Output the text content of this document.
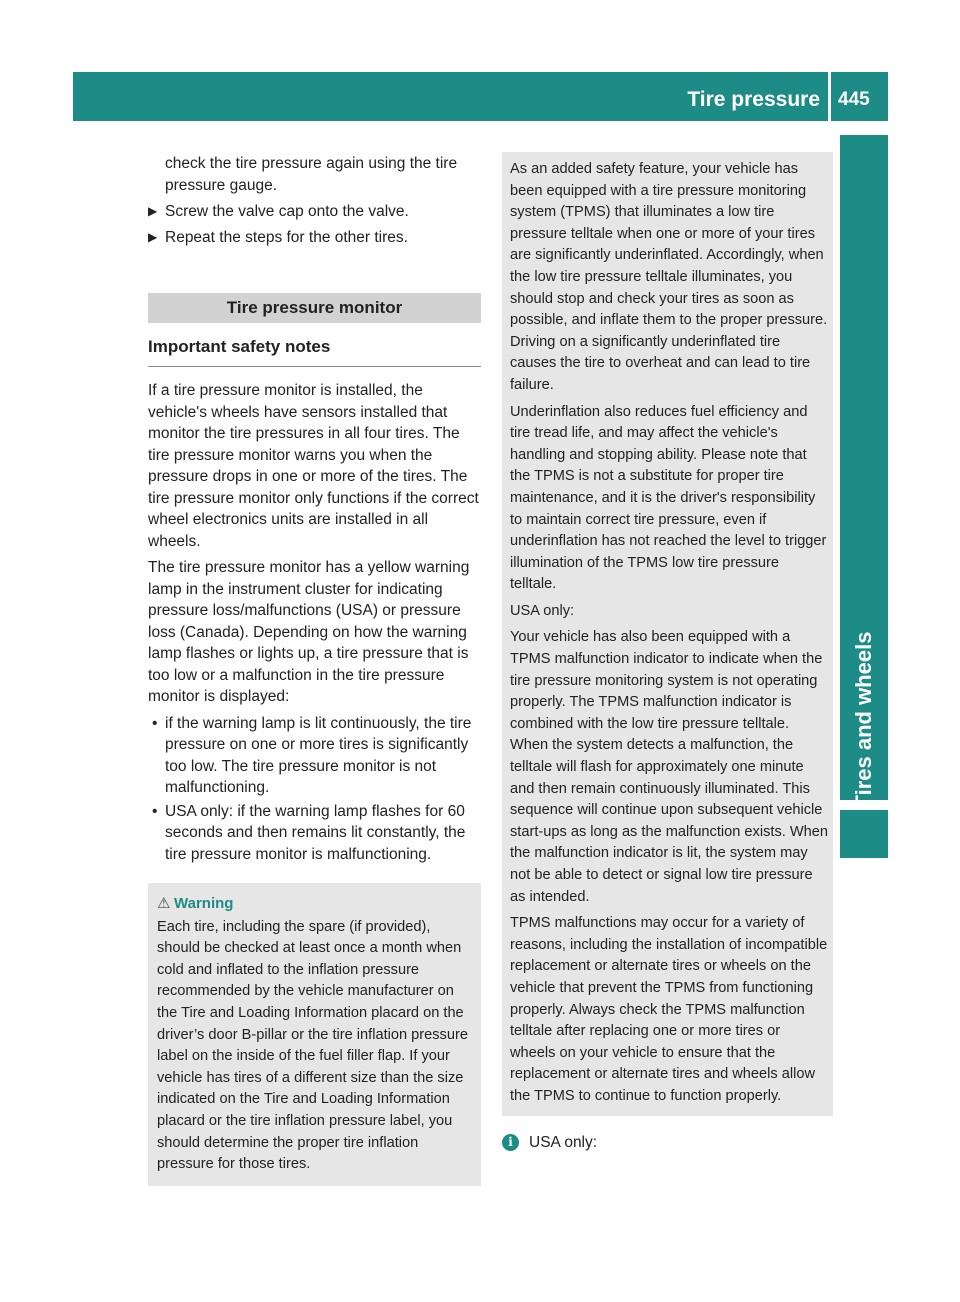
Tire pressure 445
Tires and wheels

check the tire pressure again using the tire pressure gauge.

▶ Screw the valve cap onto the valve.
▶ Repeat the steps for the other tires.
Tire pressure monitor
Important safety notes

If a tire pressure monitor is installed, the vehicle's wheels have sensors installed that monitor the tire pressures in all four tires. The tire pressure monitor warns you when the pressure drops in one or more of the tires. The tire pressure monitor only functions if the correct wheel electronics units are installed in all wheels.

The tire pressure monitor has a yellow warning lamp in the instrument cluster for indicating pressure loss/malfunctions (USA) or pressure loss (Canada). Depending on how the warning lamp flashes or lights up, a tire pressure that is too low or a malfunction in the tire pressure monitor is displayed:

• if the warning lamp is lit continuously, the tire pressure on one or more tires is significantly too low. The tire pressure monitor is not malfunctioning.
• USA only: if the warning lamp flashes for 60 seconds and then remains lit constantly, the tire pressure monitor is malfunctioning.
⚠ Warning
Each tire, including the spare (if provided), should be checked at least once a month when cold and inflated to the inflation pressure recommended by the vehicle manufacturer on the Tire and Loading Information placard on the driver’s door B-pillar or the tire inflation pressure label on the inside of the fuel filler flap. If your vehicle has tires of a different size than the size indicated on the Tire and Loading Information placard or the tire inflation pressure label, you should determine the proper tire inflation pressure for those tires.

As an added safety feature, your vehicle has been equipped with a tire pressure monitoring system (TPMS) that illuminates a low tire pressure telltale when one or more of your tires are significantly underinflated. Accordingly, when the low tire pressure telltale illuminates, you should stop and check your tires as soon as possible, and inflate them to the proper pressure. Driving on a significantly underinflated tire causes the tire to overheat and can lead to tire failure.

Underinflation also reduces fuel efficiency and tire tread life, and may affect the vehicle's handling and stopping ability. Please note that the TPMS is not a substitute for proper tire maintenance, and it is the driver's responsibility to maintain correct tire pressure, even if underinflation has not reached the level to trigger illumination of the TPMS low tire pressure telltale.

USA only:

Your vehicle has also been equipped with a TPMS malfunction indicator to indicate when the tire pressure monitoring system is not operating properly. The TPMS malfunction indicator is combined with the low tire pressure telltale. When the system detects a malfunction, the telltale will flash for approximately one minute and then remain continuously illuminated. This sequence will continue upon subsequent vehicle start-ups as long as the malfunction exists. When the malfunction indicator is lit, the system may not be able to detect or signal low tire pressure as intended.

TPMS malfunctions may occur for a variety of reasons, including the installation of incompatible replacement or alternate tires or wheels on the vehicle that prevent the TPMS from functioning properly. Always check the TPMS malfunction telltale after replacing one or more tires or wheels on your vehicle to ensure that the replacement or alternate tires and wheels allow the TPMS to continue to function properly.

i	USA only:
